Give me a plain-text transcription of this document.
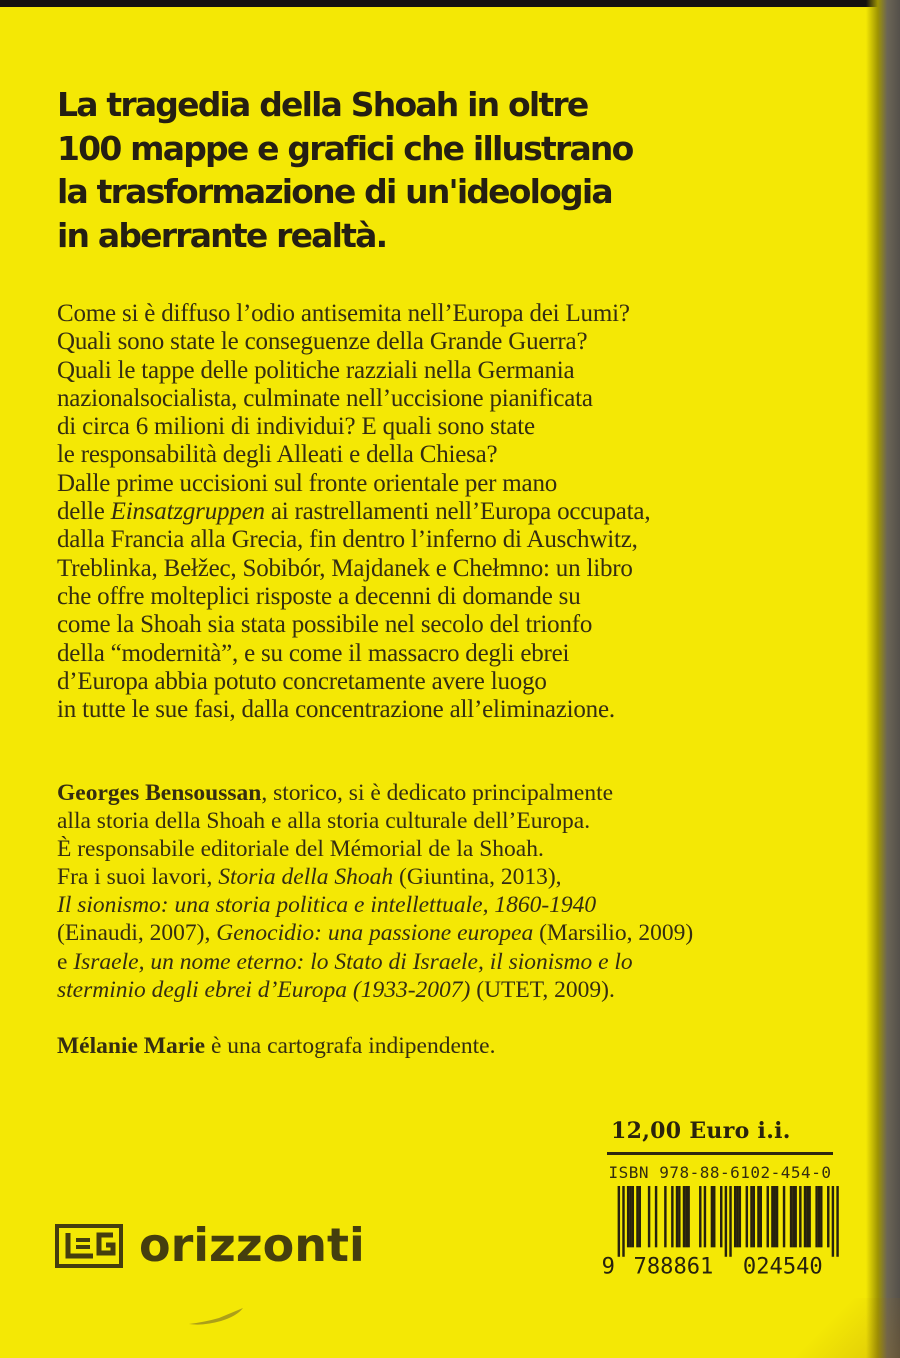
La tragedia della Shoah in oltre
100 mappe e grafici che illustrano
la trasformazione di un'ideologia
in aberrante realtà.
Come si è diffuso l’odio antisemita nell’Europa dei Lumi?
Quali sono state le conseguenze della Grande Guerra?
Quali le tappe delle politiche razziali nella Germania
nazionalsocialista, culminate nell’uccisione pianificata
di circa 6 milioni di individui? E quali sono state
le responsabilità degli Alleati e della Chiesa?
Dalle prime uccisioni sul fronte orientale per mano
delle Einsatzgruppen ai rastrellamenti nell’Europa occupata,
dalla Francia alla Grecia, fin dentro l’inferno di Auschwitz,
Treblinka, Bełžec, Sobibór, Majdanek e Chełmno: un libro
che offre molteplici risposte a decenni di domande su
come la Shoah sia stata possibile nel secolo del trionfo
della “modernità”, e su come il massacro degli ebrei
d’Europa abbia potuto concretamente avere luogo
in tutte le sue fasi, dalla concentrazione all’eliminazione.
Georges Bensoussan, storico, si è dedicato principalmente
alla storia della Shoah e alla storia culturale dell’Europa.
È responsabile editoriale del Mémorial de la Shoah.
Fra i suoi lavori, Storia della Shoah (Giuntina, 2013),
Il sionismo: una storia politica e intellettuale, 1860-1940
(Einaudi, 2007), Genocidio: una passione europea (Marsilio, 2009)
e Israele, un nome eterno: lo Stato di Israele, il sionismo e lo
sterminio degli ebrei d’Europa (1933-2007) (UTET, 2009).
Mélanie Marie è una cartografa indipendente.
12,00 Euro i.i.
ISBN 978-88-6102-454-0
9 788861	024540
orizzonti
